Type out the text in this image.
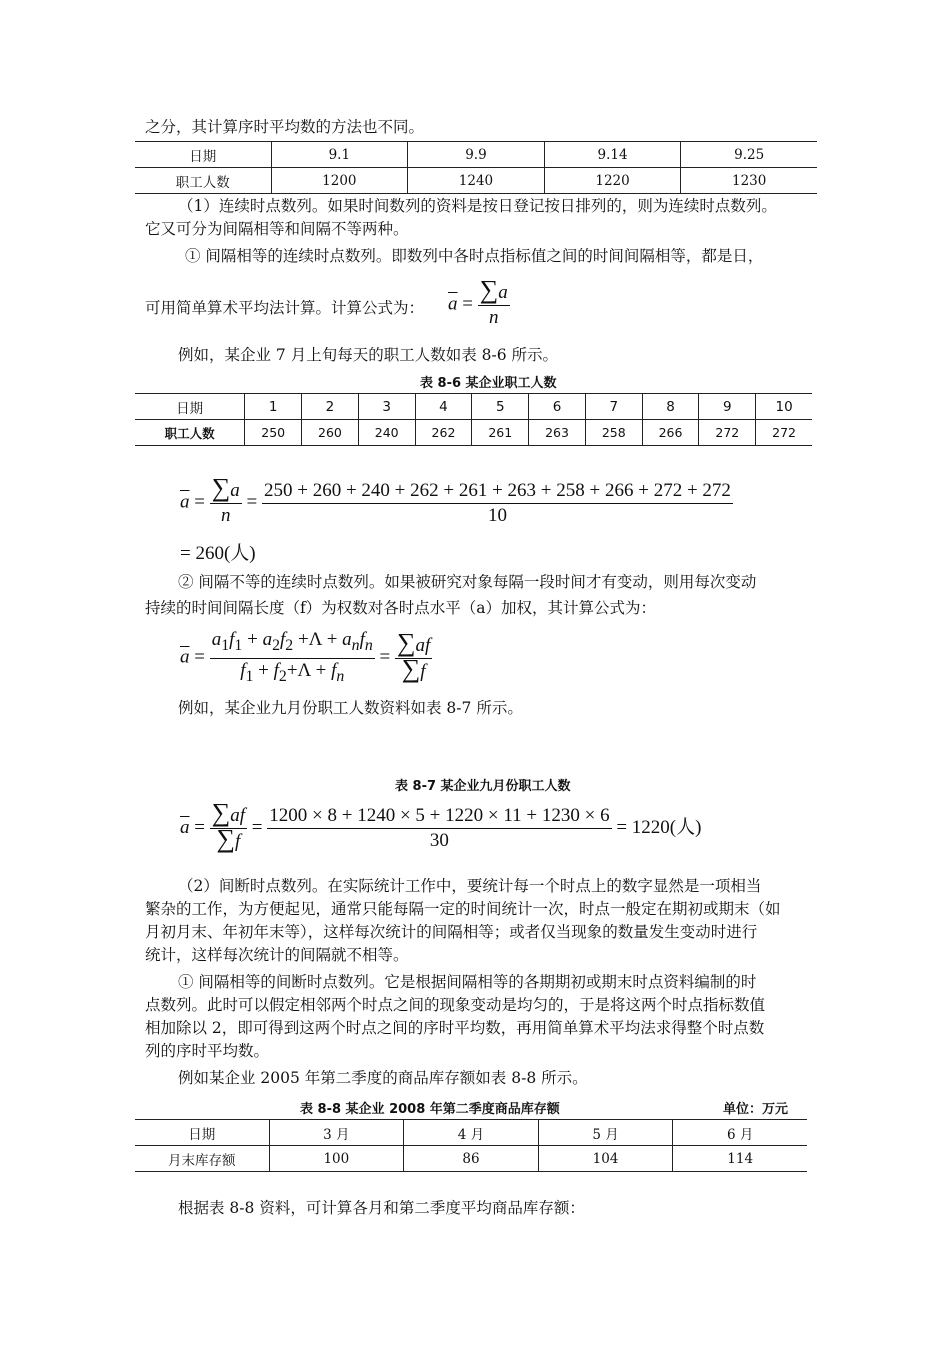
之分，其计算序时平均数的方法也不同。

日期	9.1	9.9	9.14	9.25
职工人数	1200	1240	1220	1230

（1）连续时点数列。如果时间数列的资料是按日登记按日排列的，则为连续时点数列。

它又可分为间隔相等和间隔不等两种。

① 间隔相等的连续时点数列。即数列中各时点指标值之间的时间间隔相等，都是日，

可用简单算术平均法计算。计算公式为： $\overline{a} = \frac{\sum a}{n}$

例如，某企业 7 月上旬每天的职工人数如表 8-6 所示。

表 8-6 某企业职工人数

日期	1	2	3	4	5	6	7	8	9	10
职工人数	250	260	240	262	261	263	258	266	272	272
$\overline{a} = \frac{\sum a}{n} = \frac{250 + 260 + 240 + 262 + 261 + 263 + 258 + 266 + 272 + 272}{10}$
= 260(人)

② 间隔不等的连续时点数列。如果被研究对象每隔一段时间才有变动，则用每次变动

持续的时间间隔长度（f）为权数对各时点水平（a）加权，其计算公式为：

$\overline{a} = \frac{a_1f_1 + a_2f_2 +\Lambda + a_nf_n}{f_1 + f_2+\Lambda + f_n} = \frac{\sum af}{\sum f}$

例如，某企业九月份职工人数资料如表 8-7 所示。

表 8-7 某企业九月份职工人数

$\overline{a} = \frac{\sum af}{\sum f} = \frac{1200 \times 8 + 1240 \times 5 + 1220 \times 11 + 1230 \times 6}{30} = 1220$(人)

（2）间断时点数列。在实际统计工作中，要统计每一个时点上的数字显然是一项相当

繁杂的工作，为方便起见，通常只能每隔一定的时间统计一次，时点一般定在期初或期末（如

月初月末、年初年末等），这样每次统计的间隔相等；或者仅当现象的数量发生变动时进行

统计，这样每次统计的间隔就不相等。

① 间隔相等的间断时点数列。它是根据间隔相等的各期期初或期末时点资料编制的时

点数列。此时可以假定相邻两个时点之间的现象变动是均匀的，于是将这两个时点指标数值

相加除以 2，即可得到这两个时点之间的序时平均数，再用简单算术平均法求得整个时点数

列的序时平均数。

例如某企业 2005 年第二季度的商品库存额如表 8-8 所示。

表 8-8 某企业 2008 年第二季度商品库存额	单位：万元

日期	3 月	4 月	5 月	6 月
月末库存额	100	86	104	114

根据表 8-8 资料，可计算各月和第二季度平均商品库存额：
